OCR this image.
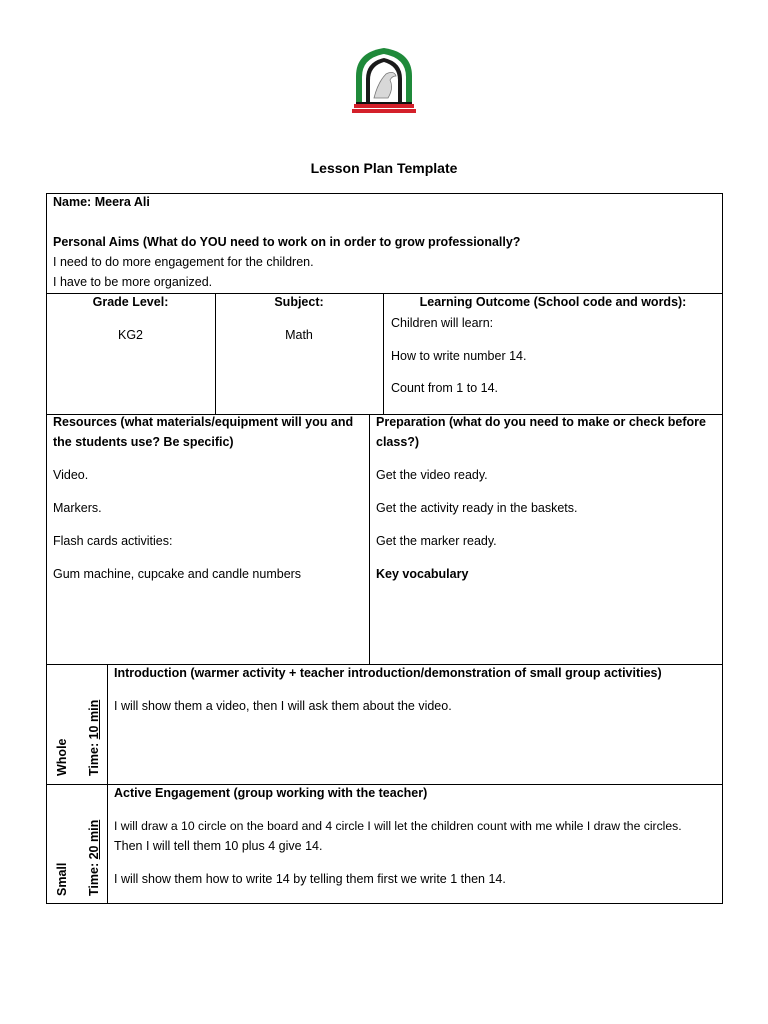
Lesson Plan Template
Name: Meera Ali
Personal Aims (What do YOU need to work on in order to grow professionally?
I need to do more engagement for the children.
I have to be more organized.
Grade Level:
KG2
Subject:
Math
Learning Outcome (School code and words):
Children will learn:
How to write number 14.
Count from 1 to 14.
Resources (what materials/equipment will you and
the students use? Be specific)
Video.
Markers.
Flash cards activities:
Gum machine, cupcake and candle numbers
Preparation (what do you need to make or check before
class?)
Get the video ready.
Get the activity ready in the baskets.
Get the marker ready.
Key vocabulary
Whole Time: 10 min
Introduction (warmer activity + teacher introduction/demonstration of small group activities)
I will show them a video, then I will ask them about the video.
Small Time: 20 min
Active Engagement (group working with the teacher)
I will draw a 10 circle on the board and 4 circle I will let the children count with me while I draw the circles.
Then I will tell them 10 plus 4 give 14.
I will show them how to write 14 by telling them first we write 1 then 14.
